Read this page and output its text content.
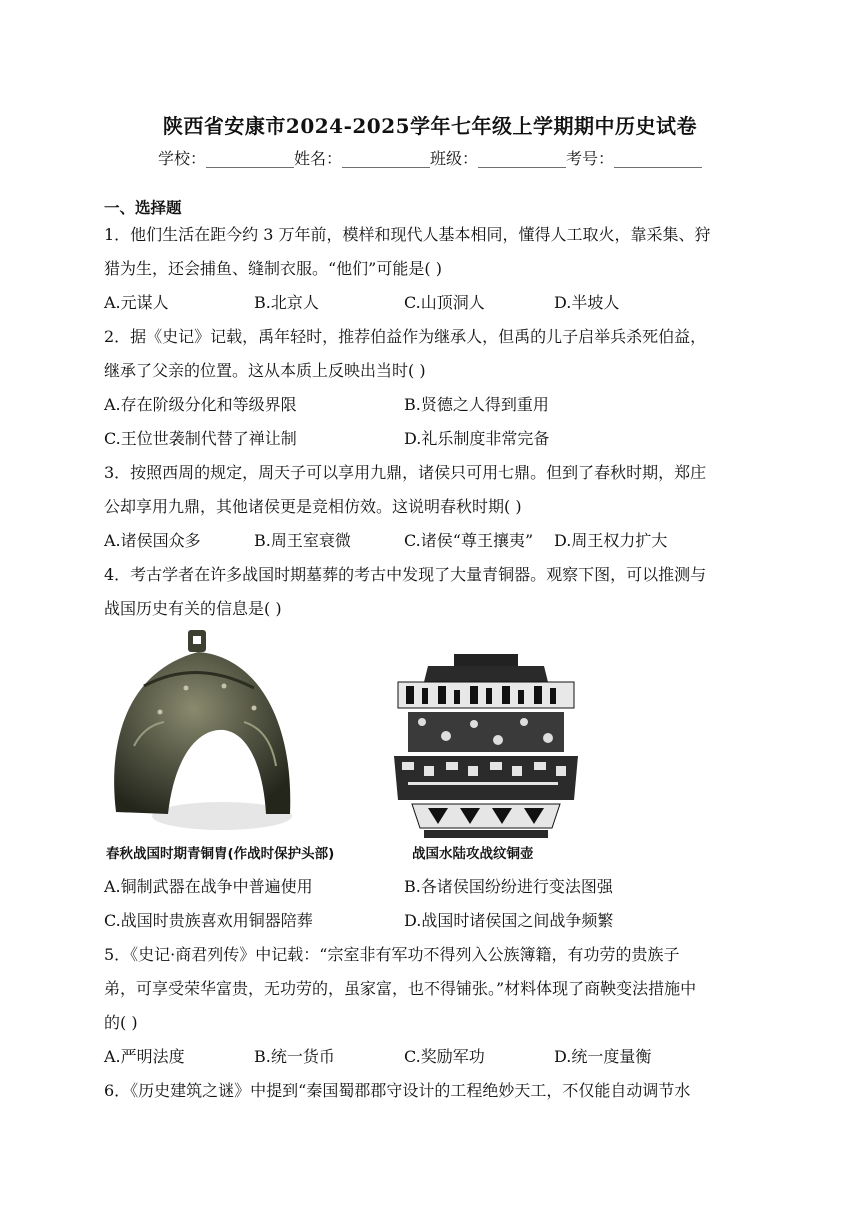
陕西省安康市2024-2025学年七年级上学期期中历史试卷
学校：___________姓名：___________班级：___________考号：___________
一、选择题
1．他们生活在距今约 3 万年前，模样和现代人基本相同，懂得人工取火，靠采集、狩
猎为生，还会捕鱼、缝制衣服。“他们”可能是( )
A.元谋人	B.北京人	C.山顶洞人	D.半坡人
2．据《史记》记载，禹年轻时，推荐伯益作为继承人，但禹的儿子启举兵杀死伯益，
继承了父亲的位置。这从本质上反映出当时( )
A.存在阶级分化和等级界限	B.贤德之人得到重用
C.王位世袭制代替了禅让制	D.礼乐制度非常完备
3．按照西周的规定，周天子可以享用九鼎，诸侯只可用七鼎。但到了春秋时期，郑庄
公却享用九鼎，其他诸侯更是竞相仿效。这说明春秋时期( )
A.诸侯国众多	B.周王室衰微	C.诸侯“尊王攘夷” D.周王权力扩大
4．考古学者在许多战国时期墓葬的考古中发现了大量青铜器。观察下图，可以推测与
战国历史有关的信息是( )
春秋战国时期青铜胄(作战时保护头部)	战国水陆攻战纹铜壶
A.铜制武器在战争中普遍使用	B.各诸侯国纷纷进行变法图强
C.战国时贵族喜欢用铜器陪葬	D.战国时诸侯国之间战争频繁
5．《史记·商君列传》中记载：“宗室非有军功不得列入公族簿籍，有功劳的贵族子
弟，可享受荣华富贵，无功劳的，虽家富，也不得铺张。”材料体现了商鞅变法措施中
的( )
A.严明法度	B.统一货币	C.奖励军功	D.统一度量衡
6．《历史建筑之谜》中提到“秦国蜀郡郡守设计的工程绝妙天工，不仅能自动调节水
